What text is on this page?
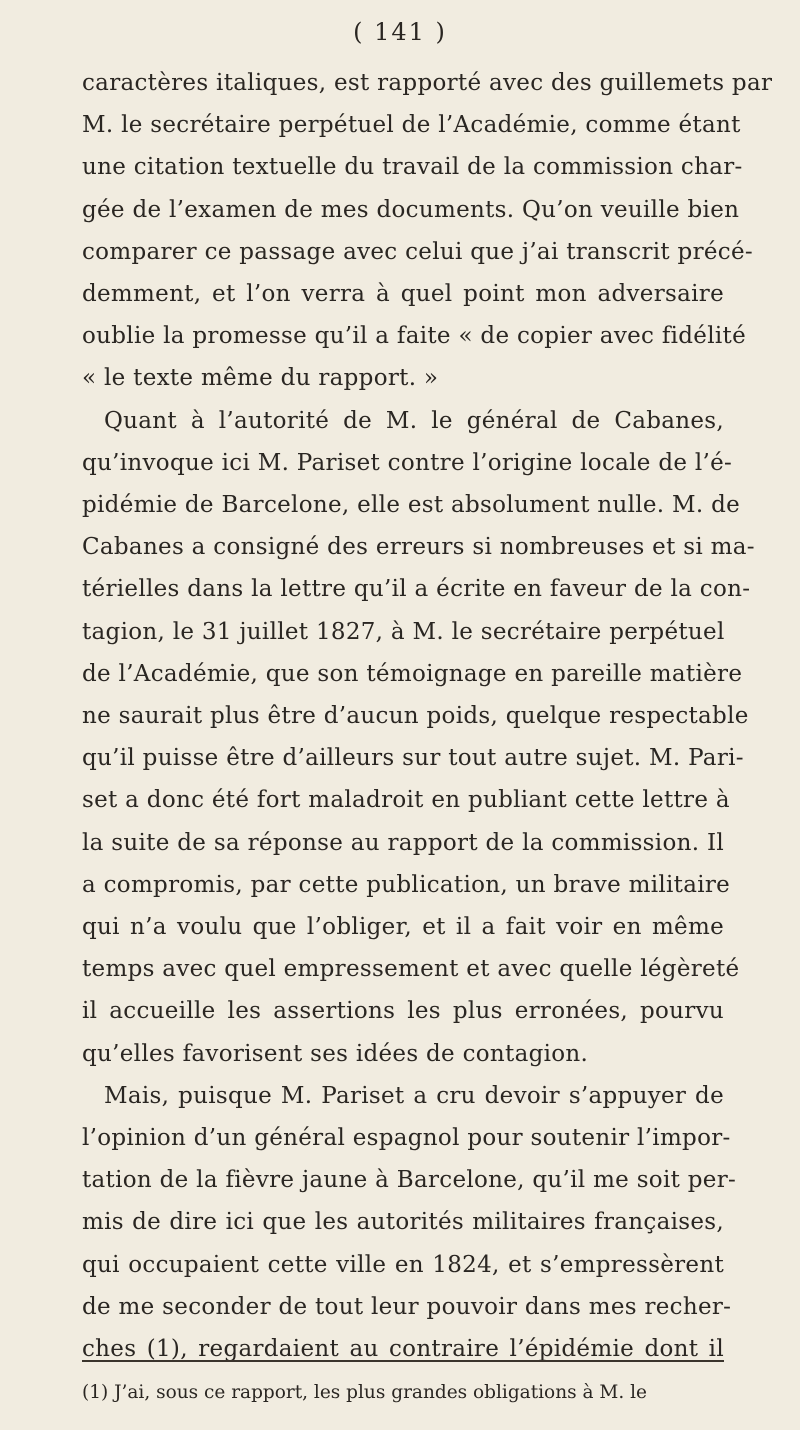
( 141 )
caractères italiques, est rapporté avec des guillemets par
M. le secrétaire perpétuel de l’Académie, comme étant
une citation textuelle du travail de la commission char-
gée de l’examen de mes documents. Qu’on veuille bien
comparer ce passage avec celui que j’ai transcrit précé-
demment, et l’on verra à quel point mon adversaire
oublie la promesse qu’il a faite « de copier avec fidélité
« le texte même du rapport. »
Quant à l’autorité de M. le général de Cabanes,
qu’invoque ici M. Pariset contre l’origine locale de l’é-
pidémie de Barcelone, elle est absolument nulle. M. de
Cabanes a consigné des erreurs si nombreuses et si ma-
térielles dans la lettre qu’il a écrite en faveur de la con-
tagion, le 31 juillet 1827, à M. le secrétaire perpétuel
de l’Académie, que son témoignage en pareille matière
ne saurait plus être d’aucun poids, quelque respectable
qu’il puisse être d’ailleurs sur tout autre sujet. M. Pari-
set a donc été fort maladroit en publiant cette lettre à
la suite de sa réponse au rapport de la commission. Il
a compromis, par cette publication, un brave militaire
qui n’a voulu que l’obliger, et il a fait voir en même
temps avec quel empressement et avec quelle légèreté
il accueille les assertions les plus erronées, pourvu
qu’elles favorisent ses idées de contagion.
Mais, puisque M. Pariset a cru devoir s’appuyer de
l’opinion d’un général espagnol pour soutenir l’impor-
tation de la fièvre jaune à Barcelone, qu’il me soit per-
mis de dire ici que les autorités militaires françaises,
qui occupaient cette ville en 1824, et s’empressèrent
de me seconder de tout leur pouvoir dans mes recher-
ches (1), regardaient au contraire l’épidémie dont il
(1) J’ai, sous ce rapport, les plus grandes obligations à M. le
